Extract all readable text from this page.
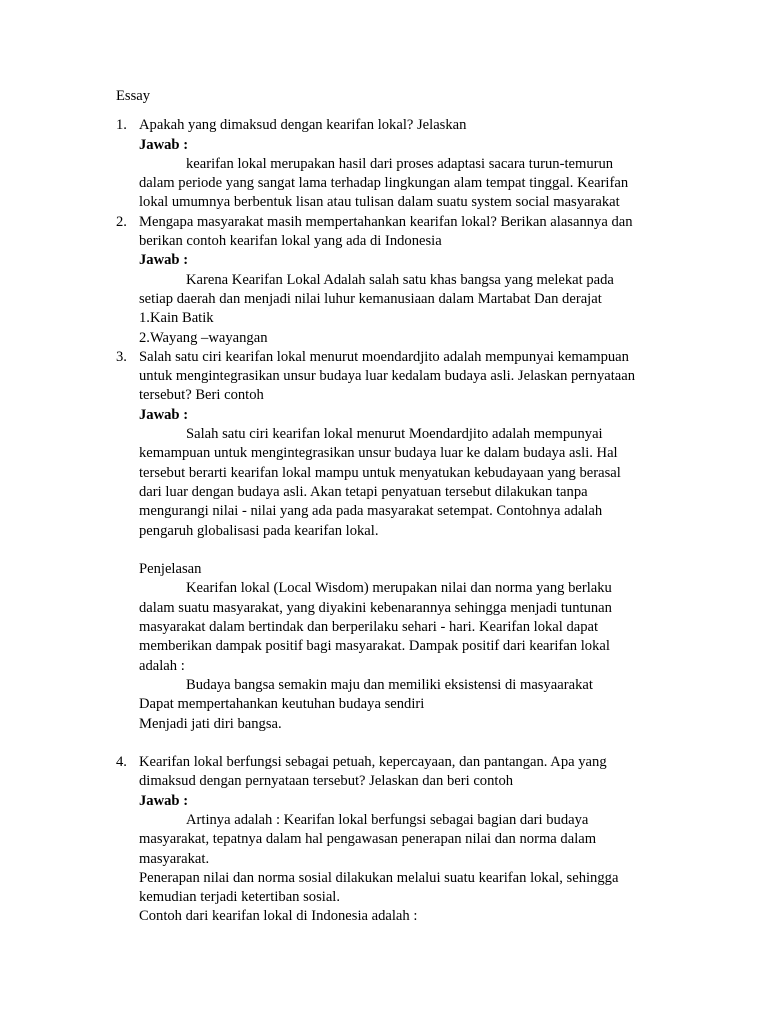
Essay
1. Apakah yang dimaksud dengan kearifan lokal? Jelaskan
Jawab :
kearifan lokal merupakan hasil dari proses adaptasi sacara turun-temurun
dalam periode yang sangat lama terhadap lingkungan alam tempat tinggal. Kearifan
lokal umumnya berbentuk lisan atau tulisan dalam suatu system social masyarakat
2. Mengapa masyarakat masih mempertahankan kearifan lokal? Berikan alasannya dan
berikan contoh kearifan lokal yang ada di Indonesia
Jawab :
Karena Kearifan Lokal Adalah salah satu khas bangsa yang melekat pada
setiap daerah dan menjadi nilai luhur kemanusiaan dalam Martabat Dan derajat
1.Kain Batik
2.Wayang –wayangan
3. Salah satu ciri kearifan lokal menurut moendardjito adalah mempunyai kemampuan
untuk mengintegrasikan unsur budaya luar kedalam budaya asli. Jelaskan pernyataan
tersebut? Beri contoh
Jawab :
Salah satu ciri kearifan lokal menurut Moendardjito adalah mempunyai
kemampuan untuk mengintegrasikan unsur budaya luar ke dalam budaya asli. Hal
tersebut berarti kearifan lokal mampu untuk menyatukan kebudayaan yang berasal
dari luar dengan budaya asli. Akan tetapi penyatuan tersebut dilakukan tanpa
mengurangi nilai - nilai yang ada pada masyarakat setempat. Contohnya adalah
pengaruh globalisasi pada kearifan lokal.
Penjelasan
Kearifan lokal (Local Wisdom) merupakan nilai dan norma yang berlaku
dalam suatu masyarakat, yang diyakini kebenarannya sehingga menjadi tuntunan
masyarakat dalam bertindak dan berperilaku sehari - hari. Kearifan lokal dapat
memberikan dampak positif bagi masyarakat. Dampak positif dari kearifan lokal
adalah :
Budaya bangsa semakin maju dan memiliki eksistensi di masyaarakat
Dapat mempertahankan keutuhan budaya sendiri
Menjadi jati diri bangsa.
4. Kearifan lokal berfungsi sebagai petuah, kepercayaan, dan pantangan. Apa yang
dimaksud dengan pernyataan tersebut? Jelaskan dan beri contoh
Jawab :
Artinya adalah : Kearifan lokal berfungsi sebagai bagian dari budaya
masyarakat, tepatnya dalam hal pengawasan penerapan nilai dan norma dalam
masyarakat.
Penerapan nilai dan norma sosial dilakukan melalui suatu kearifan lokal, sehingga
kemudian terjadi ketertiban sosial.
Contoh dari kearifan lokal di Indonesia adalah :
